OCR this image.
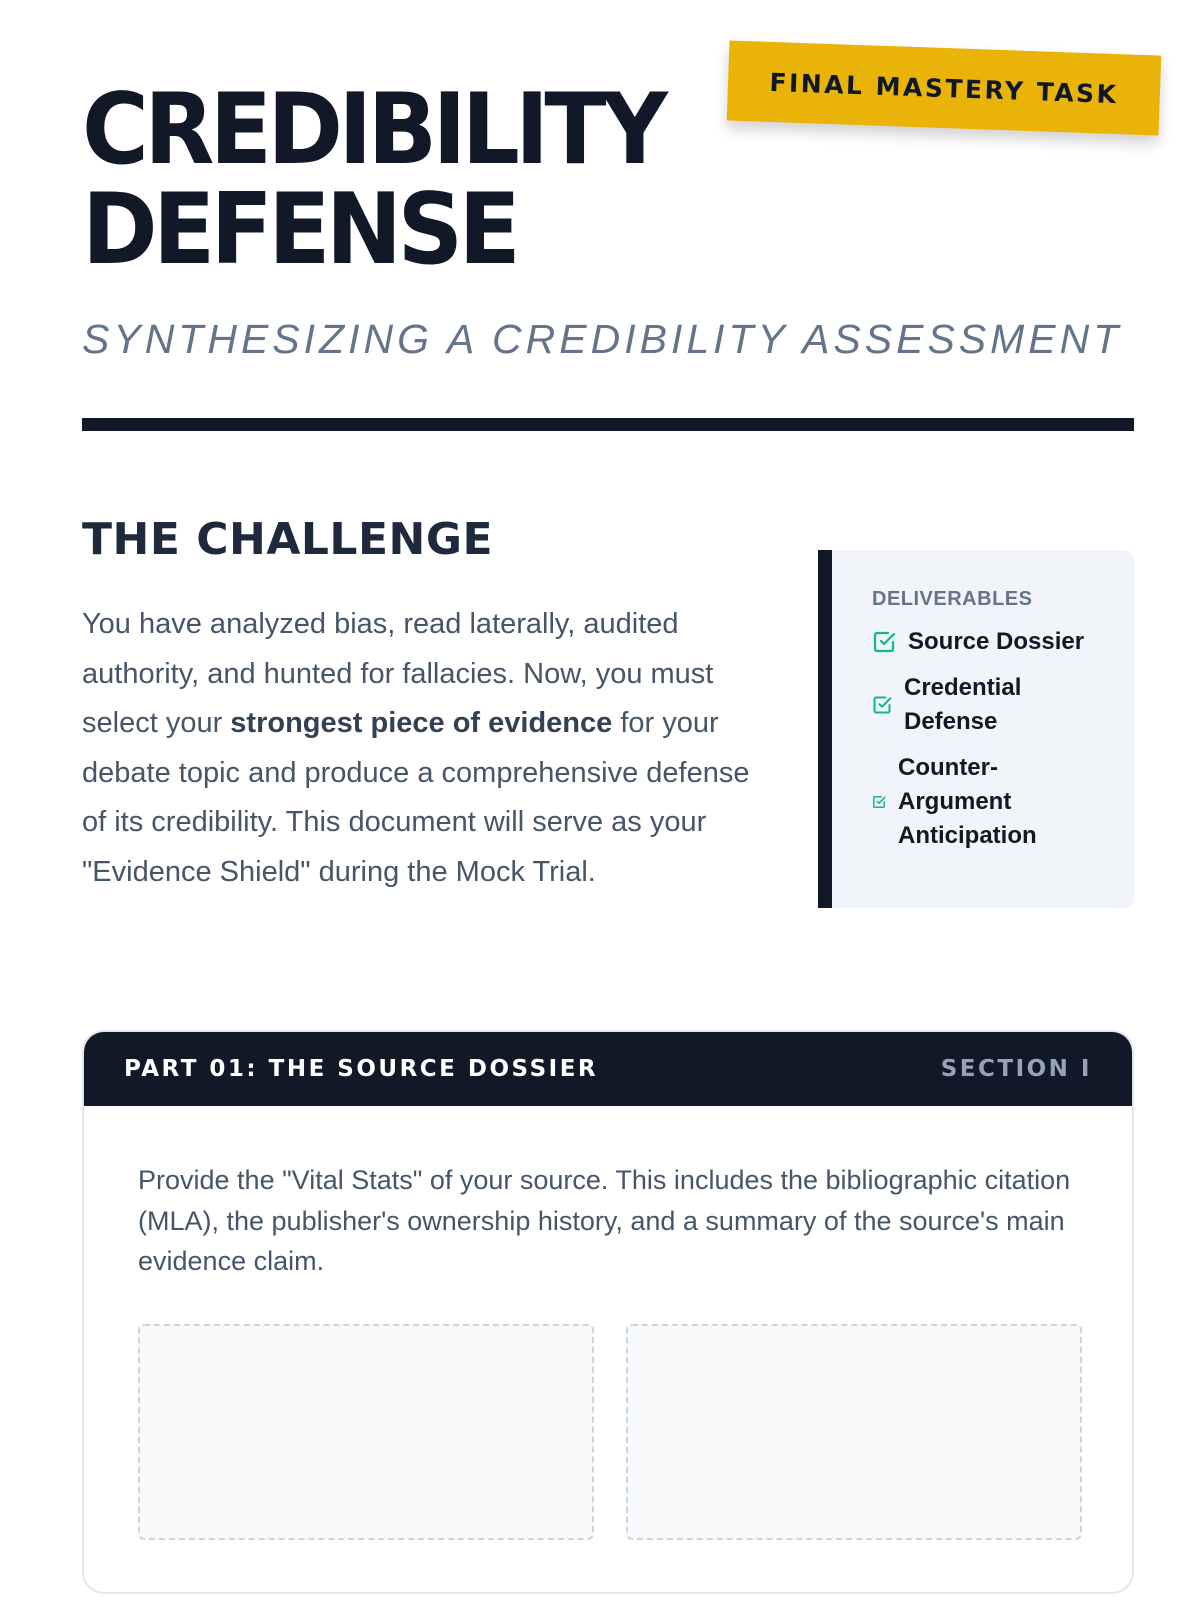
FINAL MASTERY TASK
CREDIBILITY
DEFENSE
SYNTHESIZING A CREDIBILITY ASSESSMENT
THE CHALLENGE

You have analyzed bias, read laterally, audited authority, and hunted for fallacies. Now, you must select your strongest piece of evidence for your debate topic and produce a comprehensive defense of its credibility. This document will serve as your "Evidence Shield" during the Mock Trial.

DELIVERABLES
Source Dossier
Credential Defense
Counter-Argument Anticipation
PART 01: THE SOURCE DOSSIER	SECTION I

Provide the "Vital Stats" of your source. This includes the bibliographic citation (MLA), the publisher's ownership history, and a summary of the source's main evidence claim.
